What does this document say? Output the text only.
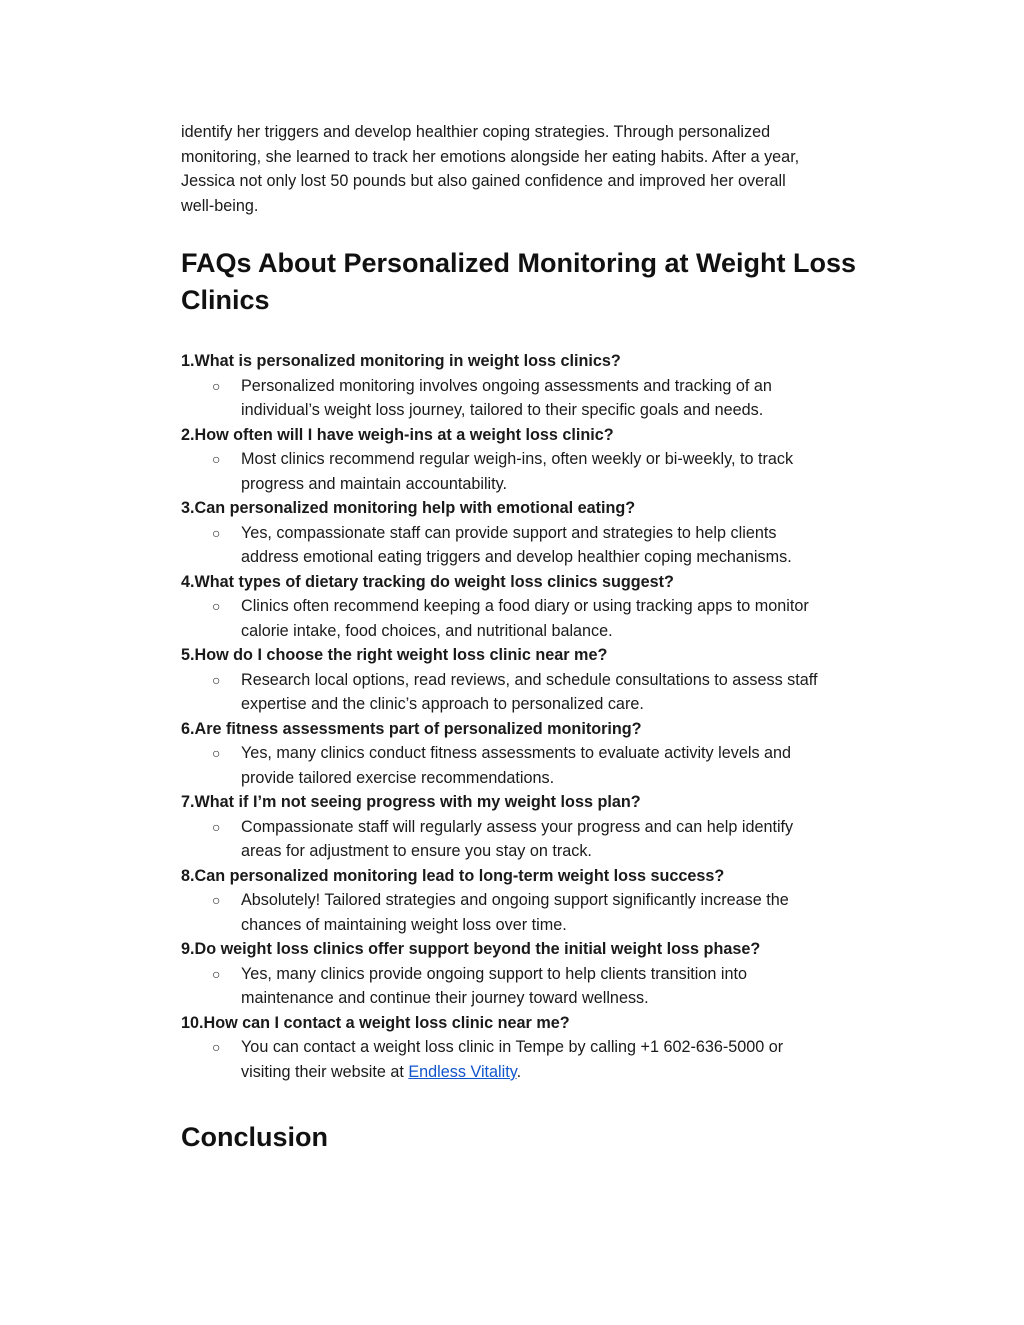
identify her triggers and develop healthier coping strategies. Through personalized
monitoring, she learned to track her emotions alongside her eating habits. After a year,
Jessica not only lost 50 pounds but also gained confidence and improved her overall
well-being.
FAQs About Personalized Monitoring at Weight Loss
Clinics
1.What is personalized monitoring in weight loss clinics?
○ Personalized monitoring involves ongoing assessments and tracking of an
individual’s weight loss journey, tailored to their specific goals and needs.
2.How often will I have weigh-ins at a weight loss clinic?
○ Most clinics recommend regular weigh-ins, often weekly or bi-weekly, to track
progress and maintain accountability.
3.Can personalized monitoring help with emotional eating?
○ Yes, compassionate staff can provide support and strategies to help clients
address emotional eating triggers and develop healthier coping mechanisms.
4.What types of dietary tracking do weight loss clinics suggest?
○ Clinics often recommend keeping a food diary or using tracking apps to monitor
calorie intake, food choices, and nutritional balance.
5.How do I choose the right weight loss clinic near me?
○ Research local options, read reviews, and schedule consultations to assess staff
expertise and the clinic’s approach to personalized care.
6.Are fitness assessments part of personalized monitoring?
○ Yes, many clinics conduct fitness assessments to evaluate activity levels and
provide tailored exercise recommendations.
7.What if I’m not seeing progress with my weight loss plan?
○ Compassionate staff will regularly assess your progress and can help identify
areas for adjustment to ensure you stay on track.
8.Can personalized monitoring lead to long-term weight loss success?
○ Absolutely! Tailored strategies and ongoing support significantly increase the
chances of maintaining weight loss over time.
9.Do weight loss clinics offer support beyond the initial weight loss phase?
○ Yes, many clinics provide ongoing support to help clients transition into
maintenance and continue their journey toward wellness.
10.How can I contact a weight loss clinic near me?
○ You can contact a weight loss clinic in Tempe by calling +1 602-636-5000 or
visiting their website at Endless Vitality.
Conclusion
